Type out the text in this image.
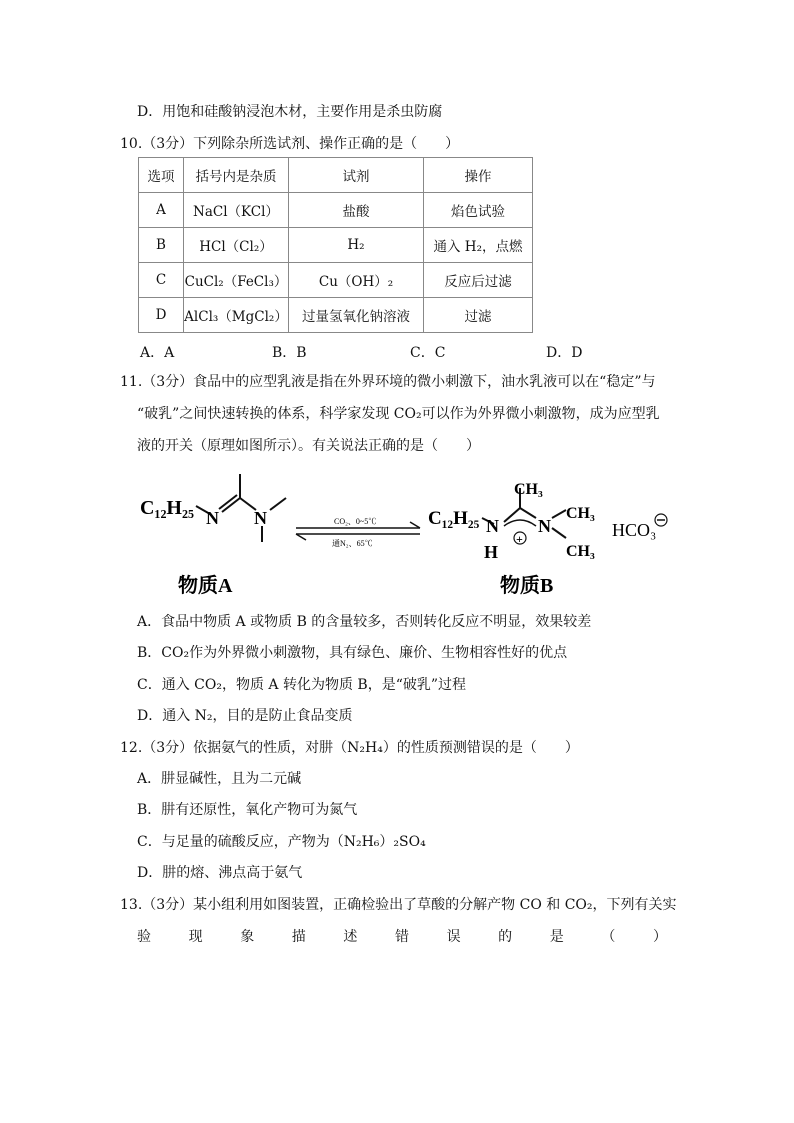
D．用饱和硅酸钠浸泡木材，主要作用是杀虫防腐
10.（3分）下列除杂所选试剂、操作正确的是（　　）
选项	括号内是杂质	试剂	操作
A	NaCl（KCl）	盐酸	焰色试验
B	HCl（Cl₂）	H₂	通入 H₂，点燃
C	CuCl₂（FeCl₃）	Cu（OH）₂	反应后过滤
D	AlCl₃（MgCl₂）	过量氢氧化钠溶液	过滤
A．A	B．B	C．C	D．D
11.（3分）食品中的应型乳液是指在外界环境的微小刺激下，油水乳液可以在“稳定”与
“破乳”之间快速转换的体系，科学家发现 CO₂可以作为外界微小刺激物，成为应型乳
液的开关（原理如图所示）。有关说法正确的是（　　）
C₁₂H₂₅ N N
物质A
CO₂、0~5℃
通N₂、65℃
C₁₂H₂₅ N
H
CH₃
+
N
CH₃
CH₃
HCO₃
物质B
A．食品中物质 A 或物质 B 的含量较多，否则转化反应不明显，效果较差
B．CO₂作为外界微小刺激物，具有绿色、廉价、生物相容性好的优点
C．通入 CO₂，物质 A 转化为物质 B，是“破乳”过程
D．通入 N₂，目的是防止食品变质
12.（3分）依据氨气的性质，对肼（N₂H₄）的性质预测错误的是（　　）
A．肼显碱性，且为二元碱
B．肼有还原性，氧化产物可为氮气
C．与足量的硫酸反应，产物为（N₂H₆）₂SO₄
D．肼的熔、沸点高于氨气
13.（3分）某小组利用如图装置，正确检验出了草酸的分解产物 CO 和 CO₂，下列有关实
验	现	象	描	述	错	误	的	是	（	）
